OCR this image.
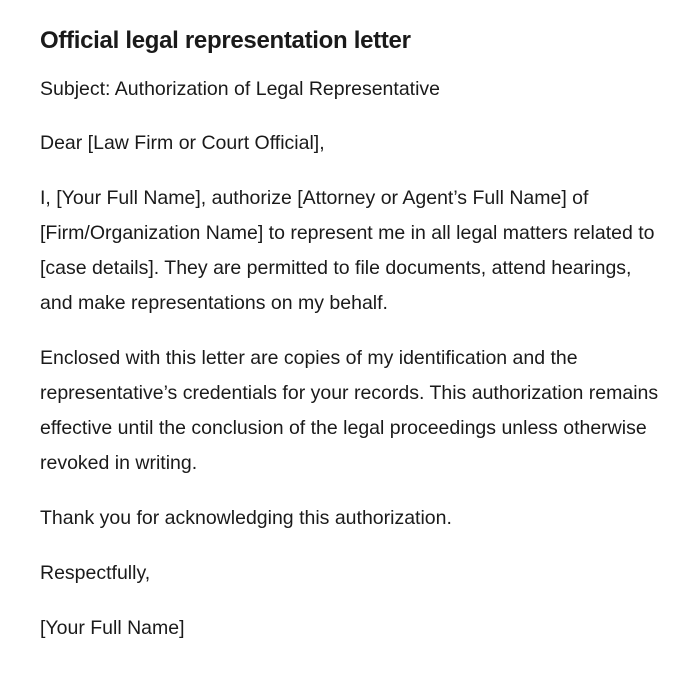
Official legal representation letter

Subject: Authorization of Legal Representative

Dear [Law Firm or Court Official],

I, [Your Full Name], authorize [Attorney or Agent’s Full Name] of [Firm/Organization Name] to represent me in all legal matters related to [case details]. They are permitted to file documents, attend hearings, and make representations on my behalf.

Enclosed with this letter are copies of my identification and the representative’s credentials for your records. This authorization remains effective until the conclusion of the legal proceedings unless otherwise revoked in writing.

Thank you for acknowledging this authorization.

Respectfully,

[Your Full Name]
